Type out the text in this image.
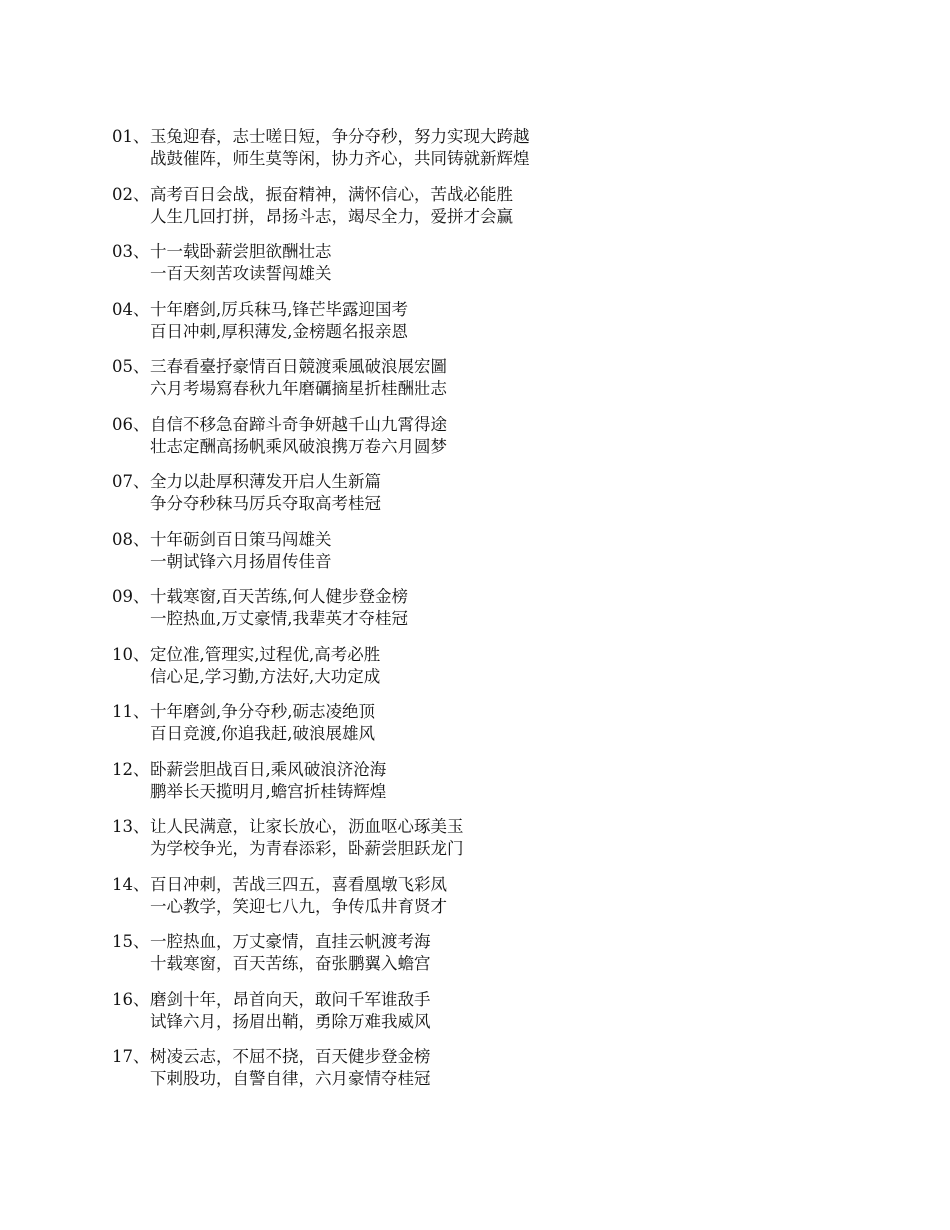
01、 玉兔迎春，志士嗟日短，争分夺秒，努力实现大跨越
战鼓催阵，师生莫等闲，协力齐心，共同铸就新辉煌
02、 高考百日会战，振奋精神，满怀信心，苦战必能胜
人生几回打拼，昂扬斗志，竭尽全力，爱拼才会赢
03、 十一载卧薪尝胆欲酬壮志
一百天刻苦攻读誓闯雄关
04、 十年磨剑,厉兵秣马,锋芒毕露迎国考
百日冲刺,厚积薄发,金榜题名报亲恩
05、 三春看臺抒豪情百日競渡乘風破浪展宏圖
六月考場寫春秋九年磨礪摘星折桂酬壯志
06、 自信不移急奋蹄斗奇争妍越千山九霄得途
壮志定酬高扬帆乘风破浪携万卷六月圆梦
07、 全力以赴厚积薄发开启人生新篇
争分夺秒秣马厉兵夺取高考桂冠
08、 十年砺剑百日策马闯雄关
一朝试锋六月扬眉传佳音
09、 十载寒窗,百天苦练,何人健步登金榜
一腔热血,万丈豪情,我辈英才夺桂冠
10、 定位准,管理实,过程优,高考必胜
信心足,学习勤,方法好,大功定成
11、 十年磨剑,争分夺秒,砺志凌绝顶
百日竞渡,你追我赶,破浪展雄风
12、 卧薪尝胆战百日,乘风破浪济沧海
鹏举长天揽明月,蟾宫折桂铸辉煌
13、 让人民满意，让家长放心，沥血呕心琢美玉
为学校争光，为青春添彩，卧薪尝胆跃龙门
14、 百日冲刺，苦战三四五，喜看凰墩飞彩凤
一心教学，笑迎七八九，争传瓜井育贤才
15、 一腔热血，万丈豪情，直挂云帆渡考海
十载寒窗，百天苦练，奋张鹏翼入蟾宫
16、 磨剑十年，昂首向天，敢问千军谁敌手
试锋六月，扬眉出鞘，勇除万难我威风
17、 树凌云志，不屈不挠，百天健步登金榜
下刺股功，自警自律，六月豪情夺桂冠
